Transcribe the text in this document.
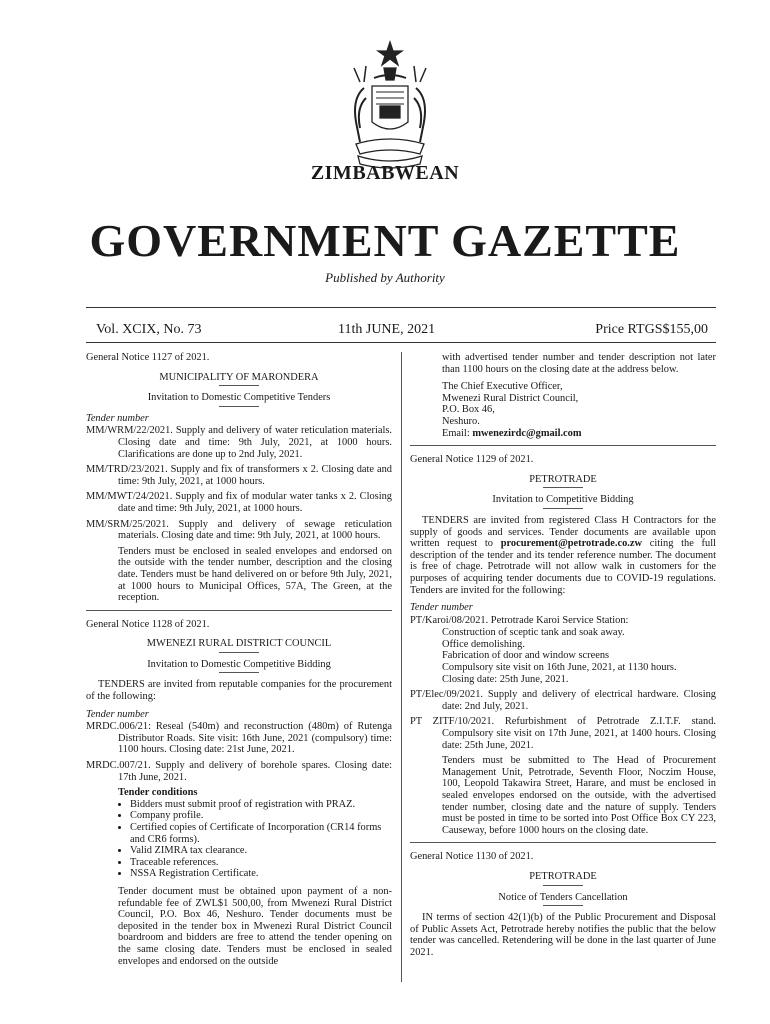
ZIMBABWEAN
GOVERNMENT GAZETTE
Published by Authority
Vol. XCIX, No. 73	11th JUNE, 2021	Price RTGS$155,00

General Notice 1127 of 2021.

MUNICIPALITY OF MARONDERA

Invitation to Domestic Competitive Tenders

Tender number

MM/WRM/22/2021. Supply and delivery of water reticulation materials. Closing date and time: 9th July, 2021, at 1000 hours. Clarifications are done up to 2nd July, 2021.

MM/TRD/23/2021. Supply and fix of transformers x 2. Closing date and time: 9th July, 2021, at 1000 hours.

MM/MWT/24/2021. Supply and fix of modular water tanks x 2. Closing date and time: 9th July, 2021, at 1000 hours.

MM/SRM/25/2021. Supply and delivery of sewage reticulation materials. Closing date and time: 9th July, 2021, at 1000 hours.

Tenders must be enclosed in sealed envelopes and endorsed on the outside with the tender number, description and the closing date. Tenders must be hand delivered on or before 9th July, 2021, at 1000 hours to Municipal Offices, 57A, The Green, at the reception.

General Notice 1128 of 2021.

MWENEZI RURAL DISTRICT COUNCIL

Invitation to Domestic Competitive Bidding

TENDERS are invited from reputable companies for the procurement of the following:

Tender number

MRDC.006/21: Reseal (540m) and reconstruction (480m) of Rutenga Distributor Roads. Site visit: 16th June, 2021 (compulsory) time: 1100 hours. Closing date: 21st June, 2021.

MRDC.007/21. Supply and delivery of borehole spares. Closing date: 17th June, 2021.

Tender conditions

• Bidders must submit proof of registration with PRAZ.
• Company profile.
• Certified copies of Certificate of Incorporation (CR14 forms and CR6 forms).
• Valid ZIMRA tax clearance.
• Traceable references.
• NSSA Registration Certificate.

Tender document must be obtained upon payment of a non-refundable fee of ZWL$1 500,00, from Mwenezi Rural District Council, P.O. Box 46, Neshuro. Tender documents must be deposited in the tender box in Mwenezi Rural District Council boardroom and bidders are free to attend the tender opening on the same closing date. Tenders must be enclosed in sealed envelopes and endorsed on the outside

with advertised tender number and tender description not later than 1100 hours on the closing date at the address below.

The Chief Executive Officer,

Mwenezi Rural District Council,

P.O. Box 46,

Neshuro.

Email: mwenezirdc@gmail.com

General Notice 1129 of 2021.

PETROTRADE

Invitation to Competitive Bidding

TENDERS are invited from registered Class H Contractors for the supply of goods and services. Tender documents are available upon written request to procurement@petrotrade.co.zw citing the full description of the tender and its tender reference number. The document is free of chage. Petrotrade will not allow walk in customers for the purposes of acquiring tender documents due to COVID-19 regulations. Tenders are invited for the following:

Tender number

PT/Karoi/08/2021. Petrotrade Karoi Service Station:

Construction of sceptic tank and soak away.

Office demolishing.

Fabrication of door and window screens

Compulsory site visit on 16th June, 2021, at 1130 hours.

Closing date: 25th June, 2021.

PT/Elec/09/2021. Supply and delivery of electrical hardware. Closing date: 2nd July, 2021.

PT ZITF/10/2021. Refurbishment of Petrotrade Z.I.T.F. stand. Compulsory site visit on 17th June, 2021, at 1400 hours. Closing date: 25th June, 2021.

Tenders must be submitted to The Head of Procurement Management Unit, Petrotrade, Seventh Floor, Noczim House, 100, Leopold Takawira Street, Harare, and must be enclosed in sealed envelopes endorsed on the outside, with the advertised tender number, closing date and the nature of supply. Tenders must be posted in time to be sorted into Post Office Box CY 223, Causeway, before 1000 hours on the closing date.

General Notice 1130 of 2021.

PETROTRADE

Notice of Tenders Cancellation

IN terms of section 42(1)(b) of the Public Procurement and Disposal of Public Assets Act, Petrotrade hereby notifies the public that the below tender was cancelled. Retendering will be done in the last quarter of June 2021.
